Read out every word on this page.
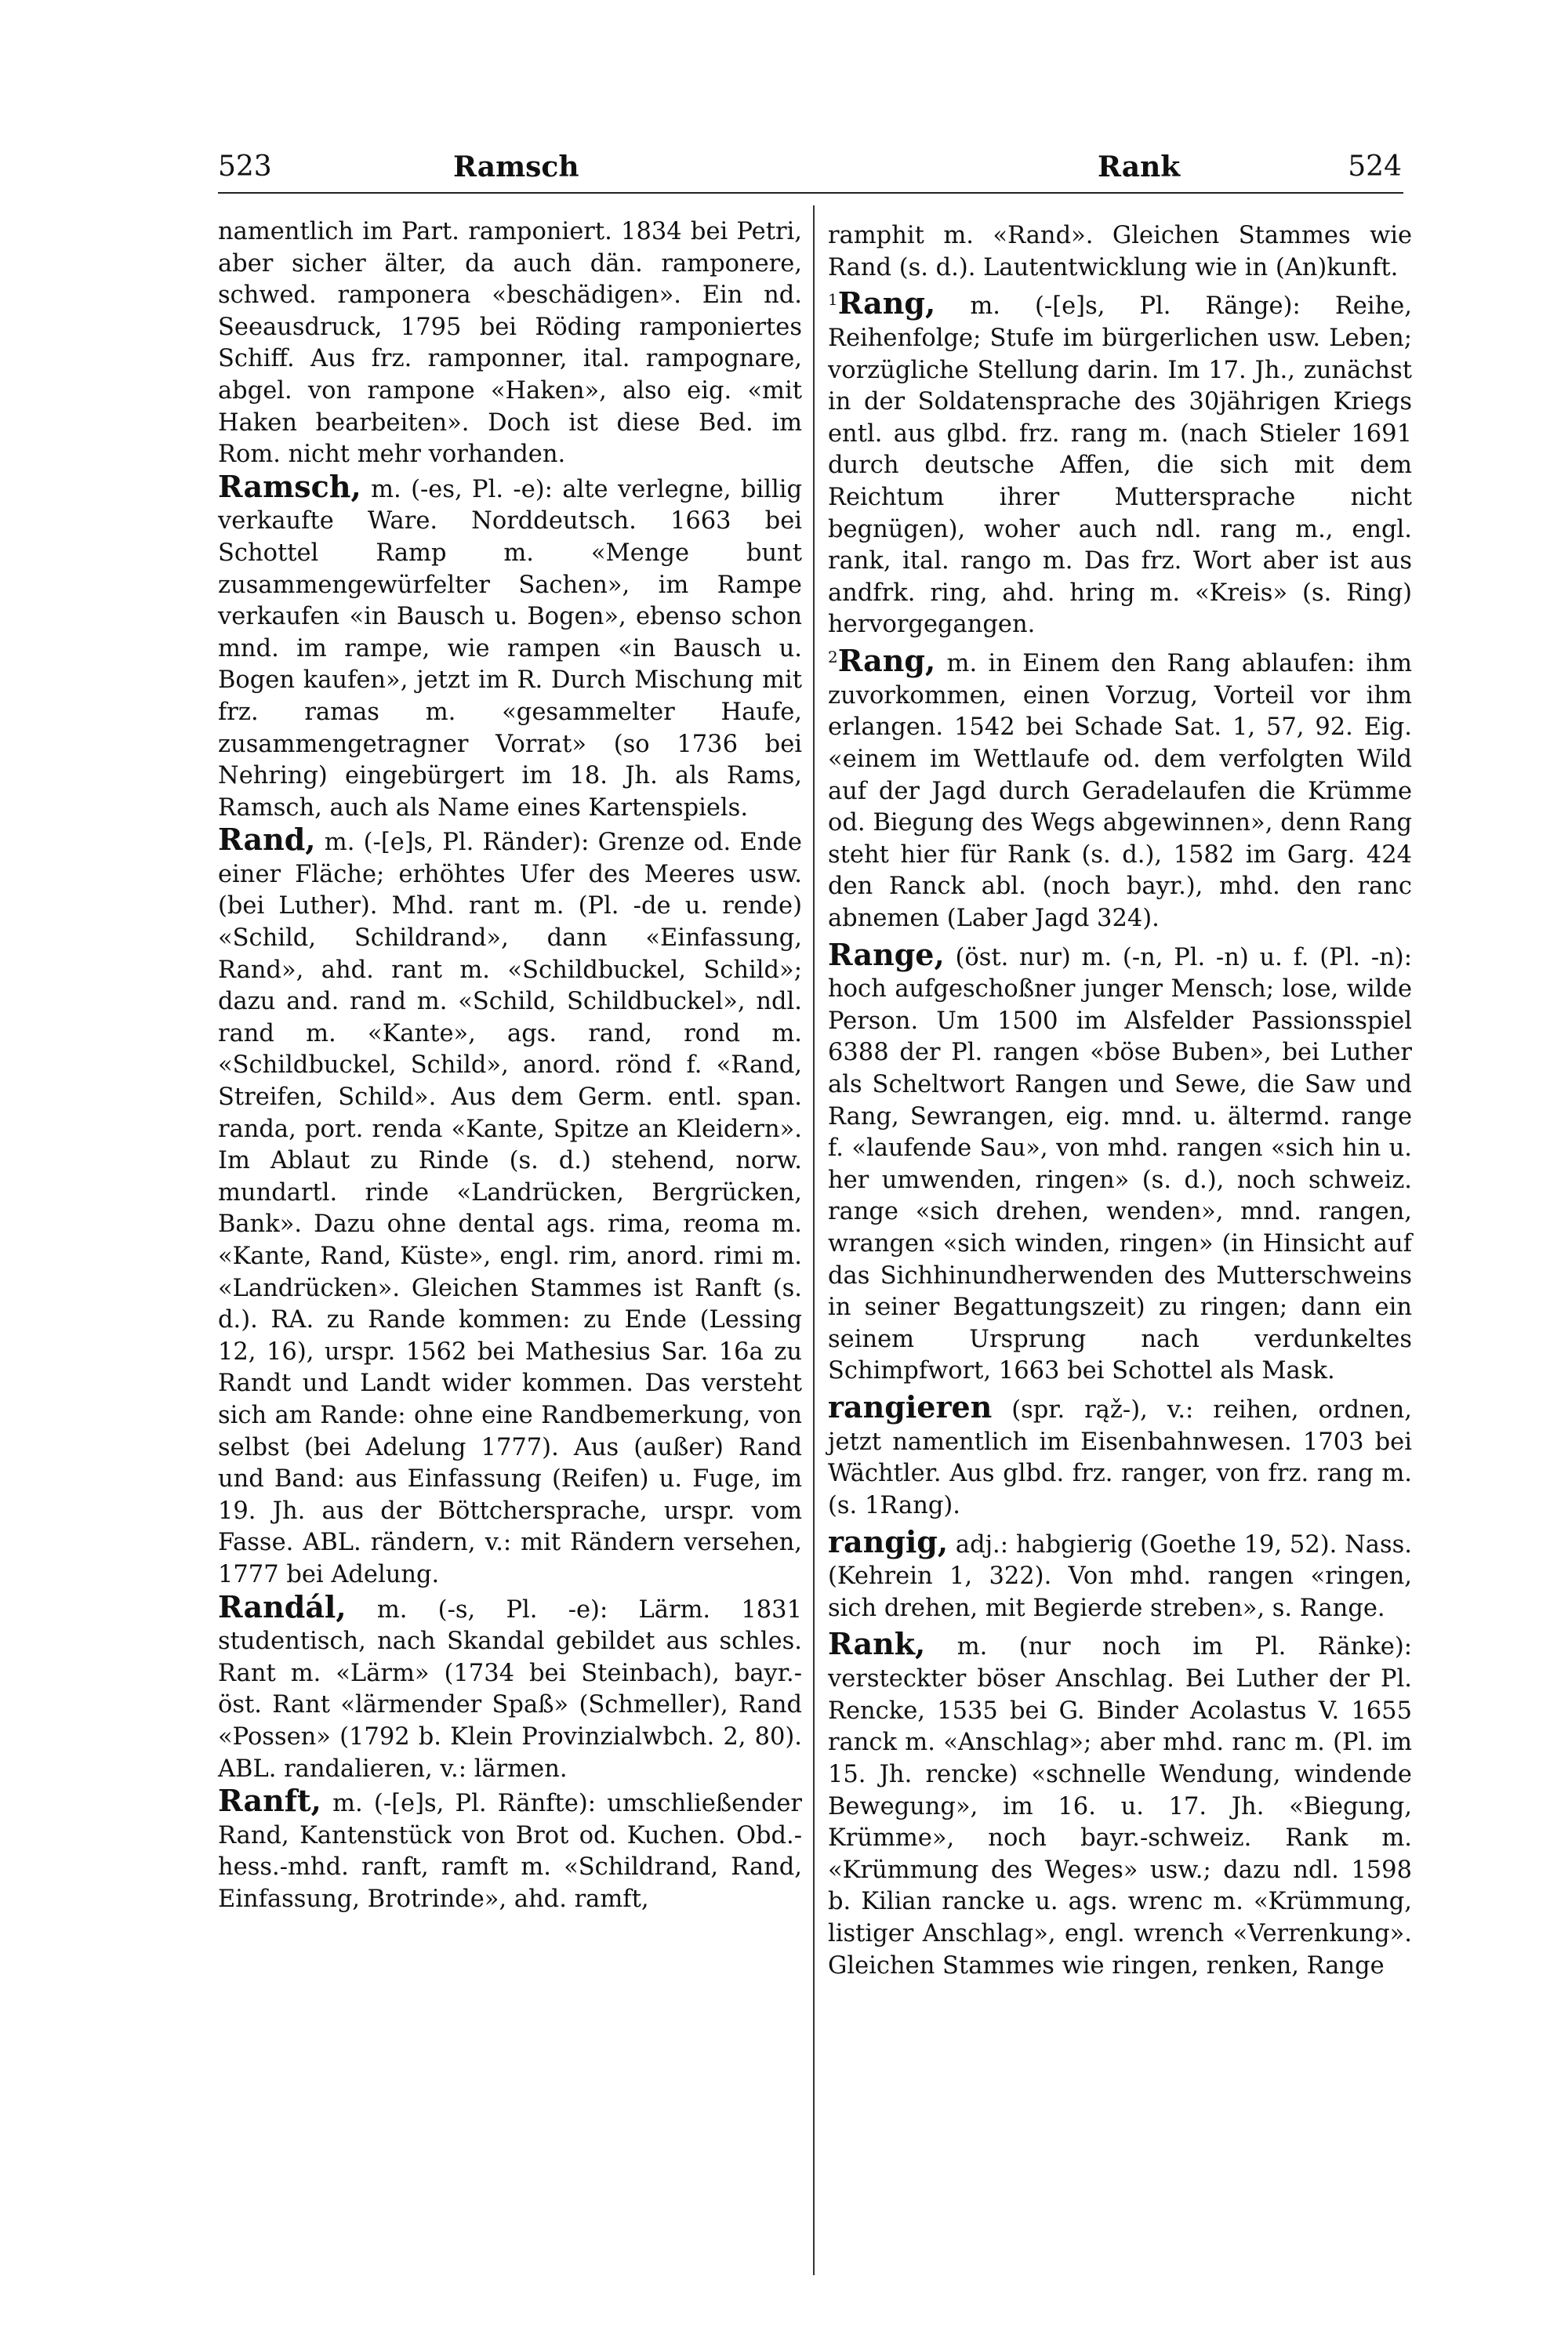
523	Ramsch	Rank	524

namentlich im Part. ramponiert. 1834 bei Petri, aber sicher älter, da auch dän. ramponere, schwed. ramponera «beschädigen». Ein nd. Seeausdruck, 1795 bei Röding ramponiertes Schiff. Aus frz. ramponner, ital. rampognare, abgel. von rampone «Haken», also eig. «mit Haken bearbeiten». Doch ist diese Bed. im Rom. nicht mehr vorhanden.

Ramsch, m. (-es, Pl. -e): alte verlegne, billig verkaufte Ware. Norddeutsch. 1663 bei Schottel Ramp m. «Menge bunt zusammengewürfelter Sachen», im Rampe verkaufen «in Bausch u. Bogen», ebenso schon mnd. im rampe, wie rampen «in Bausch u. Bogen kaufen», jetzt im R. Durch Mischung mit frz. ramas m. «gesammelter Haufe, zusammengetragner Vorrat» (so 1736 bei Nehring) eingebürgert im 18. Jh. als Rams, Ramsch, auch als Name eines Kartenspiels.

Rand, m. (-[e]s, Pl. Ränder): Grenze od. Ende einer Fläche; erhöhtes Ufer des Meeres usw. (bei Luther). Mhd. rant m. (Pl. -de u. rende) «Schild, Schildrand», dann «Einfassung, Rand», ahd. rant m. «Schildbuckel, Schild»; dazu and. rand m. «Schild, Schildbuckel», ndl. rand m. «Kante», ags. rand, rond m. «Schildbuckel, Schild», anord. rönd f. «Rand, Streifen, Schild». Aus dem Germ. entl. span. randa, port. renda «Kante, Spitze an Kleidern». Im Ablaut zu Rinde (s. d.) stehend, norw. mundartl. rinde «Landrücken, Bergrücken, Bank». Dazu ohne dental ags. rima, reoma m. «Kante, Rand, Küste», engl. rim, anord. rimi m. «Landrücken». Gleichen Stammes ist Ranft (s. d.). RA. zu Rande kommen: zu Ende (Lessing 12, 16), urspr. 1562 bei Mathesius Sar. 16a zu Randt und Landt wider kommen. Das versteht sich am Rande: ohne eine Randbemerkung, von selbst (bei Adelung 1777). Aus (außer) Rand und Band: aus Einfassung (Reifen) u. Fuge, im 19. Jh. aus der Böttchersprache, urspr. vom Fasse. ABL. rändern, v.: mit Rändern versehen, 1777 bei Adelung.

Randál, m. (-s, Pl. -e): Lärm. 1831 studentisch, nach Skandal gebildet aus schles. Rant m. «Lärm» (1734 bei Steinbach), bayr.-öst. Rant «lärmender Spaß» (Schmeller), Rand «Possen» (1792 b. Klein Provinzialwbch. 2, 80). ABL. randalieren, v.: lärmen.

Ranft, m. (-[e]s, Pl. Ränfte): umschließender Rand, Kantenstück von Brot od. Kuchen. Obd.-hess.-mhd. ranft, ramft m. «Schildrand, Rand, Einfassung, Brotrinde», ahd. ramft,

ramphit m. «Rand». Gleichen Stammes wie Rand (s. d.). Lautentwicklung wie in (An)kunft.

$^1$Rang, m. (-[e]s, Pl. Ränge): Reihe, Reihenfolge; Stufe im bürgerlichen usw. Leben; vorzügliche Stellung darin. Im 17. Jh., zunächst in der Soldatensprache des 30jährigen Kriegs entl. aus glbd. frz. rang m. (nach Stieler 1691 durch deutsche Affen, die sich mit dem Reichtum ihrer Muttersprache nicht begnügen), woher auch ndl. rang m., engl. rank, ital. rango m. Das frz. Wort aber ist aus andfrk. ring, ahd. hring m. «Kreis» (s. Ring) hervorgegangen.

$^2$Rang, m. in Einem den Rang ablaufen: ihm zuvorkommen, einen Vorzug, Vorteil vor ihm erlangen. 1542 bei Schade Sat. 1, 57, 92. Eig. «einem im Wettlaufe od. dem verfolgten Wild auf der Jagd durch Geradelaufen die Krümme od. Biegung des Wegs abgewinnen», denn Rang steht hier für Rank (s. d.), 1582 im Garg. 424 den Ranck abl. (noch bayr.), mhd. den ranc abnemen (Laber Jagd 324).

Range, (öst. nur) m. (-n, Pl. -n) u. f. (Pl. -n): hoch aufgeschoßner junger Mensch; lose, wilde Person. Um 1500 im Alsfelder Passionsspiel 6388 der Pl. rangen «böse Buben», bei Luther als Scheltwort Rangen und Sewe, die Saw und Rang, Sewrangen, eig. mnd. u. ältermd. range f. «laufende Sau», von mhd. rangen «sich hin u. her umwenden, ringen» (s. d.), noch schweiz. range «sich drehen, wenden», mnd. rangen, wrangen «sich winden, ringen» (in Hinsicht auf das Sichhinundherwenden des Mutterschweins in seiner Begattungszeit) zu ringen; dann ein seinem Ursprung nach verdunkeltes Schimpfwort, 1663 bei Schottel als Mask.

rangieren (spr. rąž-), v.: reihen, ordnen, jetzt namentlich im Eisenbahnwesen. 1703 bei Wächtler. Aus glbd. frz. ranger, von frz. rang m. (s. 1Rang).

rangig, adj.: habgierig (Goethe 19, 52). Nass. (Kehrein 1, 322). Von mhd. rangen «ringen, sich drehen, mit Begierde streben», s. Range.

Rank, m. (nur noch im Pl. Ränke): versteckter böser Anschlag. Bei Luther der Pl. Rencke, 1535 bei G. Binder Acolastus V. 1655 ranck m. «Anschlag»; aber mhd. ranc m. (Pl. im 15. Jh. rencke) «schnelle Wendung, windende Bewegung», im 16. u. 17. Jh. «Biegung, Krümme», noch bayr.-schweiz. Rank m. «Krümmung des Weges» usw.; dazu ndl. 1598 b. Kilian rancke u. ags. wrenc m. «Krümmung, listiger Anschlag», engl. wrench «Verrenkung». Gleichen Stammes wie ringen, renken, Range
